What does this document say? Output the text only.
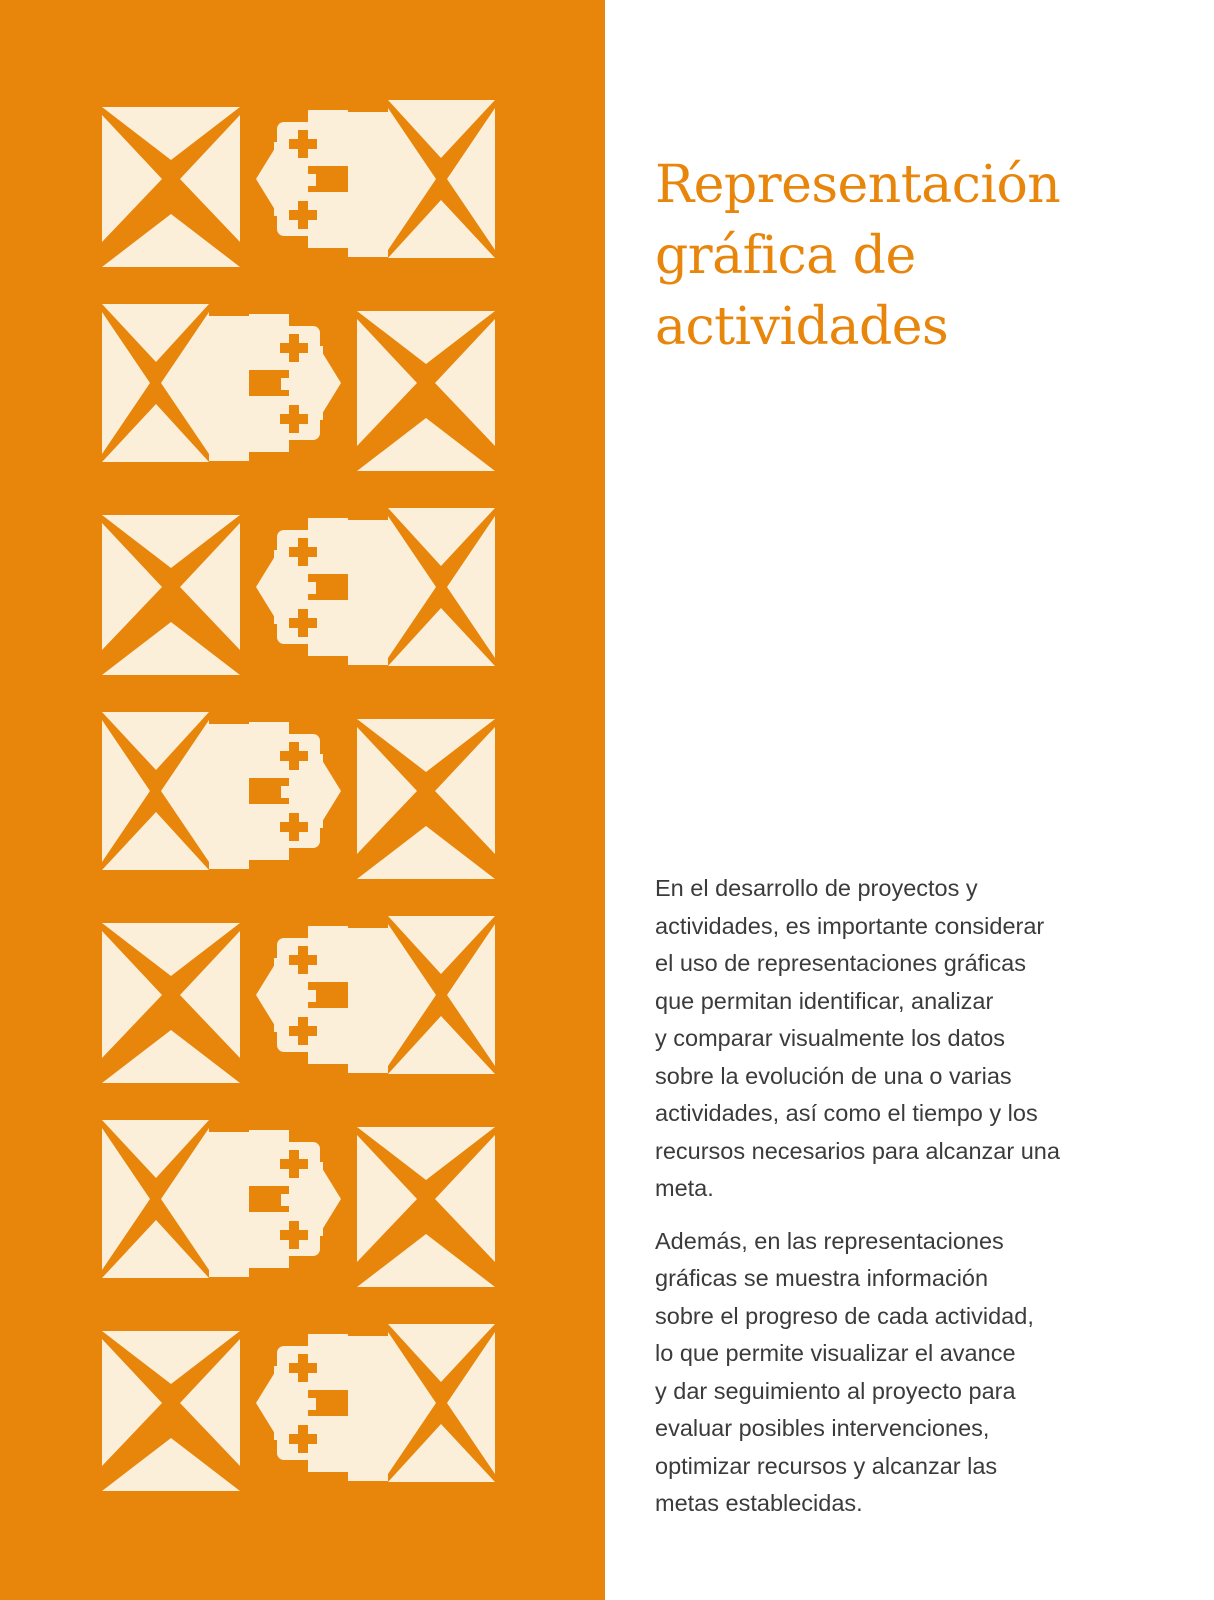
Representación
gráfica de
actividades

En el desarrollo de proyectos y
actividades, es importante considerar
el uso de representaciones gráficas
que permitan identificar, analizar
y comparar visualmente los datos
sobre la evolución de una o varias
actividades, así como el tiempo y los
recursos necesarios para alcanzar una
meta.

Además, en las representaciones
gráficas se muestra información
sobre el progreso de cada actividad,
lo que permite visualizar el avance
y dar seguimiento al proyecto para
evaluar posibles intervenciones,
optimizar recursos y alcanzar las
metas establecidas.
